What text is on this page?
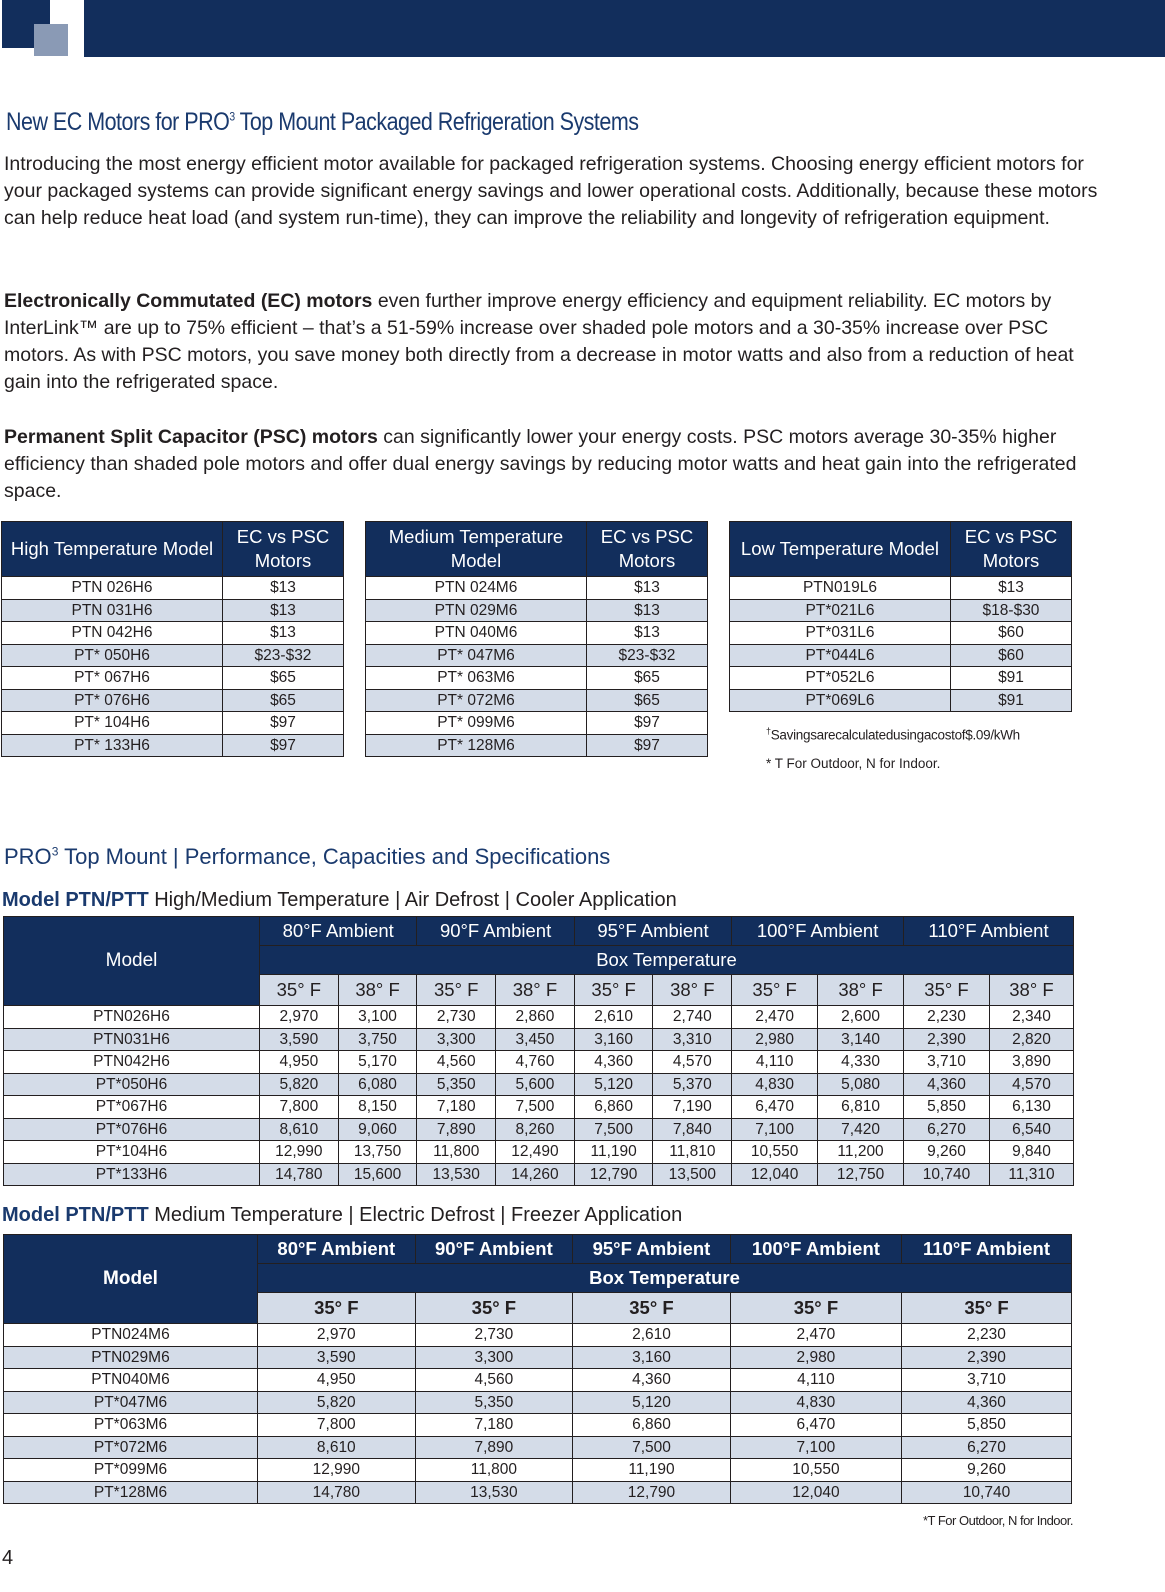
New EC Motors for PRO$^3$ Top Mount Packaged Refrigeration Systems

Introducing the most energy efficient motor available for packaged refrigeration systems. Choosing energy efficient motors for your packaged systems can provide significant energy savings and lower operational costs. Additionally, because these motors can help reduce heat load (and system run-time), they can improve the reliability and longevity of refrigeration equipment.

Electronically Commutated (EC) motors even further improve energy efficiency and equipment reliability. EC motors by InterLink™ are up to 75% efficient – that’s a 51-59% increase over shaded pole motors and a 30-35% increase over PSC motors. As with PSC motors, you save money both directly from a decrease in motor watts and also from a reduction of heat gain into the refrigerated space.

Permanent Split Capacitor (PSC) motors can significantly lower your energy costs. PSC motors average 30-35% higher efficiency than shaded pole motors and offer dual energy savings by reducing motor watts and heat gain into the refrigerated space.

High Temperature Model	EC vs PSC Motors
PTN 026H6	$13
PTN 031H6	$13
PTN 042H6	$13
PT* 050H6	$23-$32
PT* 067H6	$65
PT* 076H6	$65
PT* 104H6	$97
PT* 133H6	$97
Medium Temperature Model	EC vs PSC Motors
PTN 024M6	$13
PTN 029M6	$13
PTN 040M6	$13
PT* 047M6	$23-$32
PT* 063M6	$65
PT* 072M6	$65
PT* 099M6	$97
PT* 128M6	$97
Low Temperature Model	EC vs PSC Motors
PTN019L6	$13
PT*021L6	$18-$30
PT*031L6	$60
PT*044L6	$60
PT*052L6	$91
PT*069L6	$91
†Savingsarecalculatedusingacostof$.09/kWh
* T For Outdoor, N for Indoor.
PRO$^3$ Top Mount | Performance, Capacities and Specifications
Model PTN/PTT High/Medium Temperature | Air Defrost | Cooler Application
Model	80°F Ambient		90°F Ambient		95°F Ambient		100°F Ambient		110°F Ambient	
	Box Temperature									
	35° F	38° F	35° F	38° F	35° F	38° F	35° F	38° F	35° F	38° F
PTN026H6	2,970	3,100	2,730	2,860	2,610	2,740	2,470	2,600	2,230	2,340
PTN031H6	3,590	3,750	3,300	3,450	3,160	3,310	2,980	3,140	2,390	2,820
PTN042H6	4,950	5,170	4,560	4,760	4,360	4,570	4,110	4,330	3,710	3,890
PT*050H6	5,820	6,080	5,350	5,600	5,120	5,370	4,830	5,080	4,360	4,570
PT*067H6	7,800	8,150	7,180	7,500	6,860	7,190	6,470	6,810	5,850	6,130
PT*076H6	8,610	9,060	7,890	8,260	7,500	7,840	7,100	7,420	6,270	6,540
PT*104H6	12,990	13,750	11,800	12,490	11,190	11,810	10,550	11,200	9,260	9,840
PT*133H6	14,780	15,600	13,530	14,260	12,790	13,500	12,040	12,750	10,740	11,310
Model PTN/PTT Medium Temperature | Electric Defrost | Freezer Application
Model	80°F Ambient	90°F Ambient	95°F Ambient	100°F Ambient	110°F Ambient
	Box Temperature				
	35° F	35° F	35° F	35° F	35° F
PTN024M6	2,970	2,730	2,610	2,470	2,230
PTN029M6	3,590	3,300	3,160	2,980	2,390
PTN040M6	4,950	4,560	4,360	4,110	3,710
PT*047M6	5,820	5,350	5,120	4,830	4,360
PT*063M6	7,800	7,180	6,860	6,470	5,850
PT*072M6	8,610	7,890	7,500	7,100	6,270
PT*099M6	12,990	11,800	11,190	10,550	9,260
PT*128M6	14,780	13,530	12,790	12,040	10,740
*T For Outdoor, N for Indoor.
4
